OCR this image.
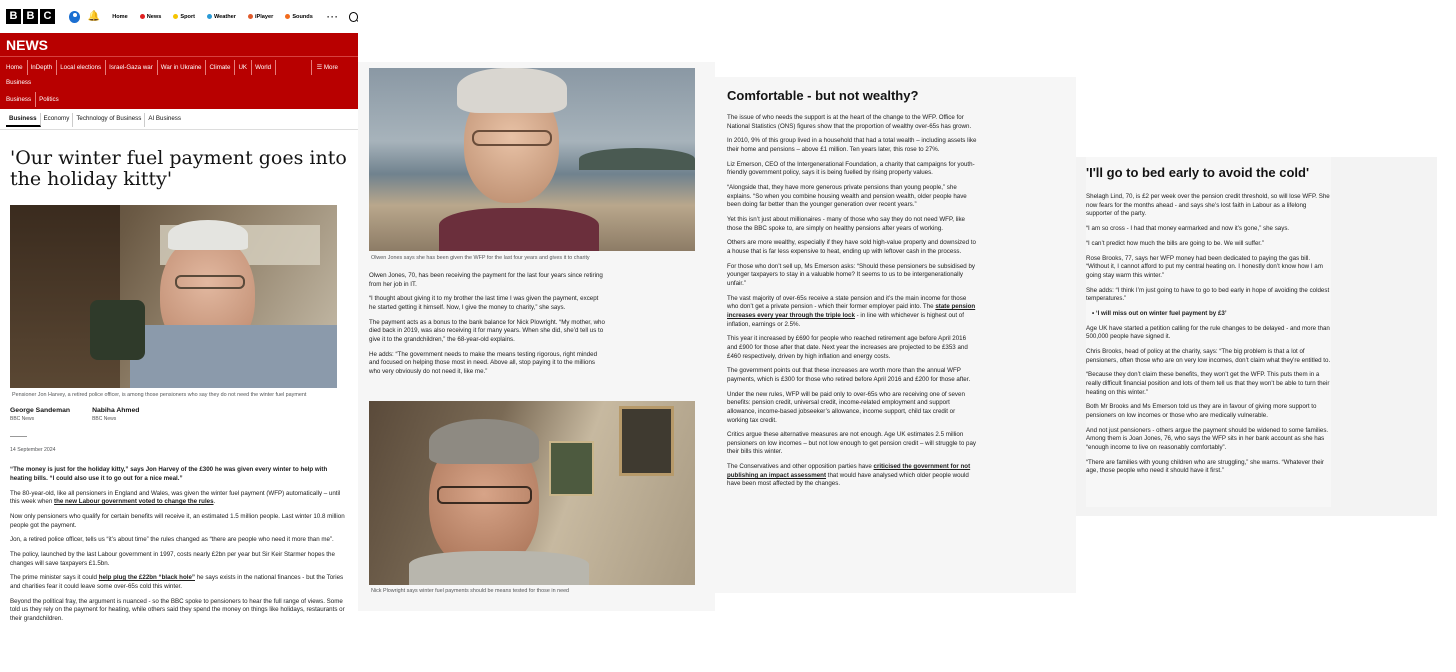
B B C	🔔 Home	News	Sport	Weather	iPlayer	Sounds ···
NEWS
Home	InDepth	Local elections	Israel-Gaza war	War in Ukraine	Climate	UK	World
Business
☰ More
Business	Politics
Business	Economy	Technology of Business	AI Business
'Our winter fuel payment goes into the holiday kitty'
Pensioner Jon Harvey, a retired police officer, is among those pensioners who say they do not need the winter fuel payment
George Sandeman
BBC News
Nabiha Ahmed
BBC News
14 September 2024

“The money is just for the holiday kitty,” says Jon Harvey of the £300 he was given every winter to help with heating bills. “I could also use it to go out for a nice meal.”

The 80-year-old, like all pensioners in England and Wales, was given the winter fuel payment (WFP) automatically – until this week when the new Labour government voted to change the rules.

Now only pensioners who qualify for certain benefits will receive it, an estimated 1.5 million people. Last winter 10.8 million people got the payment.

Jon, a retired police officer, tells us “it’s about time” the rules changed as “there are people who need it more than me”.

The policy, launched by the last Labour government in 1997, costs nearly £2bn per year but Sir Keir Starmer hopes the changes will save taxpayers £1.5bn.

The prime minister says it could help plug the £22bn “black hole” he says exists in the national finances - but the Tories and charities fear it could leave some over-65s cold this winter.

Beyond the political fray, the argument is nuanced - so the BBC spoke to pensioners to hear the full range of views. Some told us they rely on the payment for heating, while others said they spend the money on things like holidays, restaurants or their grandchildren.

Olwen Jones says she has been given the WFP for the last four years and gives it to charity

Olwen Jones, 70, has been receiving the payment for the last four years since retiring from her job in IT.

“I thought about giving it to my brother the last time I was given the payment, except he started getting it himself. Now, I give the money to charity,” she says.

The payment acts as a bonus to the bank balance for Nick Plowright. “My mother, who died back in 2019, was also receiving it for many years. When she did, she’d tell us to give it to the grandchildren,” the 68-year-old explains.

He adds: “The government needs to make the means testing rigorous, right minded and focused on helping those most in need. Above all, stop paying it to the millions who very obviously do not need it, like me.”

Nick Plowright says winter fuel payments should be means tested for those in need
Comfortable - but not wealthy?

The issue of who needs the support is at the heart of the change to the WFP. Office for National Statistics (ONS) figures show that the proportion of wealthy over-65s has grown.

In 2010, 9% of this group lived in a household that had a total wealth – including assets like their home and pensions – above £1 million. Ten years later, this rose to 27%.

Liz Emerson, CEO of the Intergenerational Foundation, a charity that campaigns for youth-friendly government policy, says it is being fuelled by rising property values.

“Alongside that, they have more generous private pensions than young people,” she explains. “So when you combine housing wealth and pension wealth, older people have been doing far better than the younger generation over recent years.”

Yet this isn’t just about millionaires - many of those who say they do not need WFP, like those the BBC spoke to, are simply on healthy pensions after years of working.

Others are more wealthy, especially if they have sold high-value property and downsized to a house that is far less expensive to heat, ending up with leftover cash in the process.

For those who don’t sell up, Ms Emerson asks: “Should these pensioners be subsidised by younger taxpayers to stay in a valuable home? It seems to us to be intergenerationally unfair.”

The vast majority of over-65s receive a state pension and it’s the main income for those who don’t get a private pension - which their former employer paid into. The state pension increases every year through the triple lock - in line with whichever is highest out of inflation, earnings or 2.5%.

This year it increased by £690 for people who reached retirement age before April 2016 and £900 for those after that date. Next year the increases are projected to be £353 and £460 respectively, driven by high inflation and energy costs.

The government points out that these increases are worth more than the annual WFP payments, which is £300 for those who retired before April 2016 and £200 for those after.

Under the new rules, WFP will be paid only to over-65s who are receiving one of seven benefits: pension credit, universal credit, income-related employment and support allowance, income-based jobseeker’s allowance, income support, child tax credit or working tax credit.

Critics argue these alternative measures are not enough. Age UK estimates 2.5 million pensioners on low incomes – but not low enough to get pension credit – will struggle to pay their bills this winter.

The Conservatives and other opposition parties have criticised the government for not publishing an impact assessment that would have analysed which older people would have been most affected by the changes.

'I'll go to bed early to avoid the cold'

Shelagh Lind, 70, is £2 per week over the pension credit threshold, so will lose WFP. She now fears for the months ahead - and says she’s lost faith in Labour as a lifelong supporter of the party.

“I am so cross - I had that money earmarked and now it’s gone,” she says.

“I can’t predict how much the bills are going to be. We will suffer.”

Rose Brooks, 77, says her WFP money had been dedicated to paying the gas bill. “Without it, I cannot afford to put my central heating on. I honestly don’t know how I am going stay warm this winter.”

She adds: “I think I’m just going to have to go to bed early in hope of avoiding the coldest temperatures.”

• ‘I will miss out on winter fuel payment by £3’

Age UK have started a petition calling for the rule changes to be delayed - and more than 500,000 people have signed it.

Chris Brooks, head of policy at the charity, says: “The big problem is that a lot of pensioners, often those who are on very low incomes, don’t claim what they’re entitled to.

“Because they don’t claim these benefits, they won’t get the WFP. This puts them in a really difficult financial position and lots of them tell us that they won’t be able to turn their heating on this winter.”

Both Mr Brooks and Ms Emerson told us they are in favour of giving more support to pensioners on low incomes or those who are medically vulnerable.

And not just pensioners - others argue the payment should be widened to some families. Among them is Joan Jones, 76, who says the WFP sits in her bank account as she has “enough income to live on reasonably comfortably”.

“There are families with young children who are struggling,” she warns. “Whatever their age, those people who need it should have it first.”
